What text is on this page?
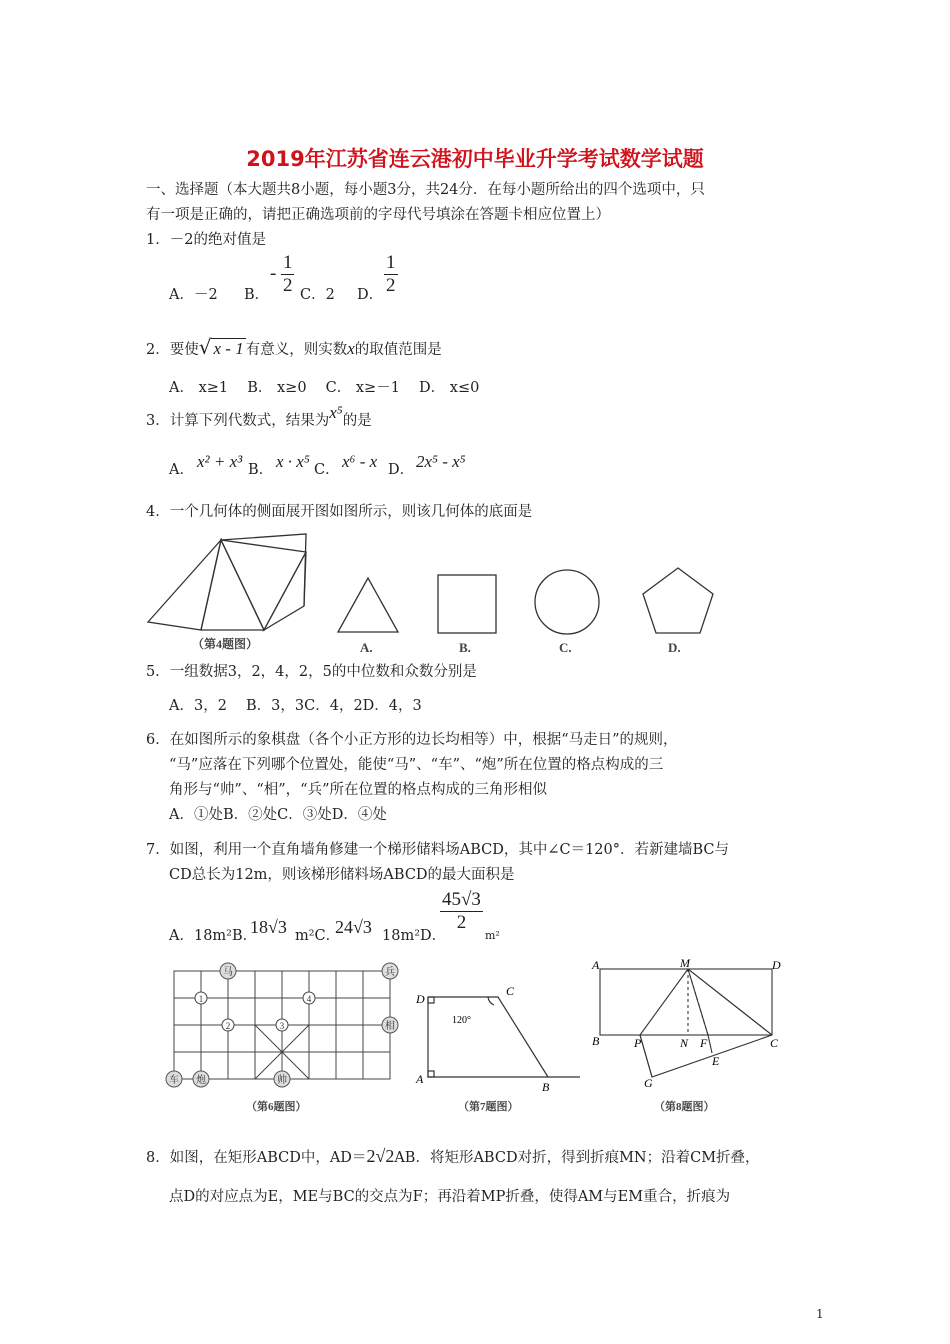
2019年江苏省连云港初中毕业升学考试数学试题
一、选择题（本大题共8小题，每小题3分，共24分．在每小题所给出的四个选项中，只
有一项是正确的，请把正确选项前的字母代号填涂在答题卡相应位置上）
1．－2的绝对值是
A．－2 B．
- $\frac{1}{2}$ C．2 D． $\frac{1}{2}$
2．要使√ x - 1 有意义，则实数x的取值范围是
A． x≥1　 B． x≥0　 C． x≥－1　 D． x≤0
3．计算下列代数式，结果为x⁵的是
A． x² + x³ B． x · x⁵ C． x⁶ - x D． 2x⁵ - x⁵
4．一个几何体的侧面展开图如图所示，则该几何体的底面是
（第4题图）	A.	B.	C.	D.
5．一组数据3，2，4，2，5的中位数和众数分别是
A．3，2　 B．3，3C．4，2D．4，3
6．在如图所示的象棋盘（各个小正方形的边长均相等）中，根据“马走日”的规则，
“马”应落在下列哪个位置处，能使“马”、“车”、“炮”所在位置的格点构成的三
角形与“帅”、“相”，“兵”所在位置的格点构成的三角形相似
A．①处B．②处C．③处D．④处
7．如图，利用一个直角墙角修建一个梯形储料场ABCD，其中∠C＝120°．若新建墙BC与
CD总长为12m，则该梯形储料场ABCD的最大面积是
A．18m²B．
18√3 m²C．
24√3 18m²D．
$\frac{45√3}{2}$
m²
马	兵
相
车 炮	帅
1
2	3
4
（第6题图）
D
C
A
B
120°
（第7题图）
A	M	D
B	P	N F	C
E
G
（第8题图）
8．如图，在矩形ABCD中，AD＝2√2AB．将矩形ABCD对折，得到折痕MN；沿着CM折叠，
点D的对应点为E，ME与BC的交点为F；再沿着MP折叠，使得AM与EM重合，折痕为
1
